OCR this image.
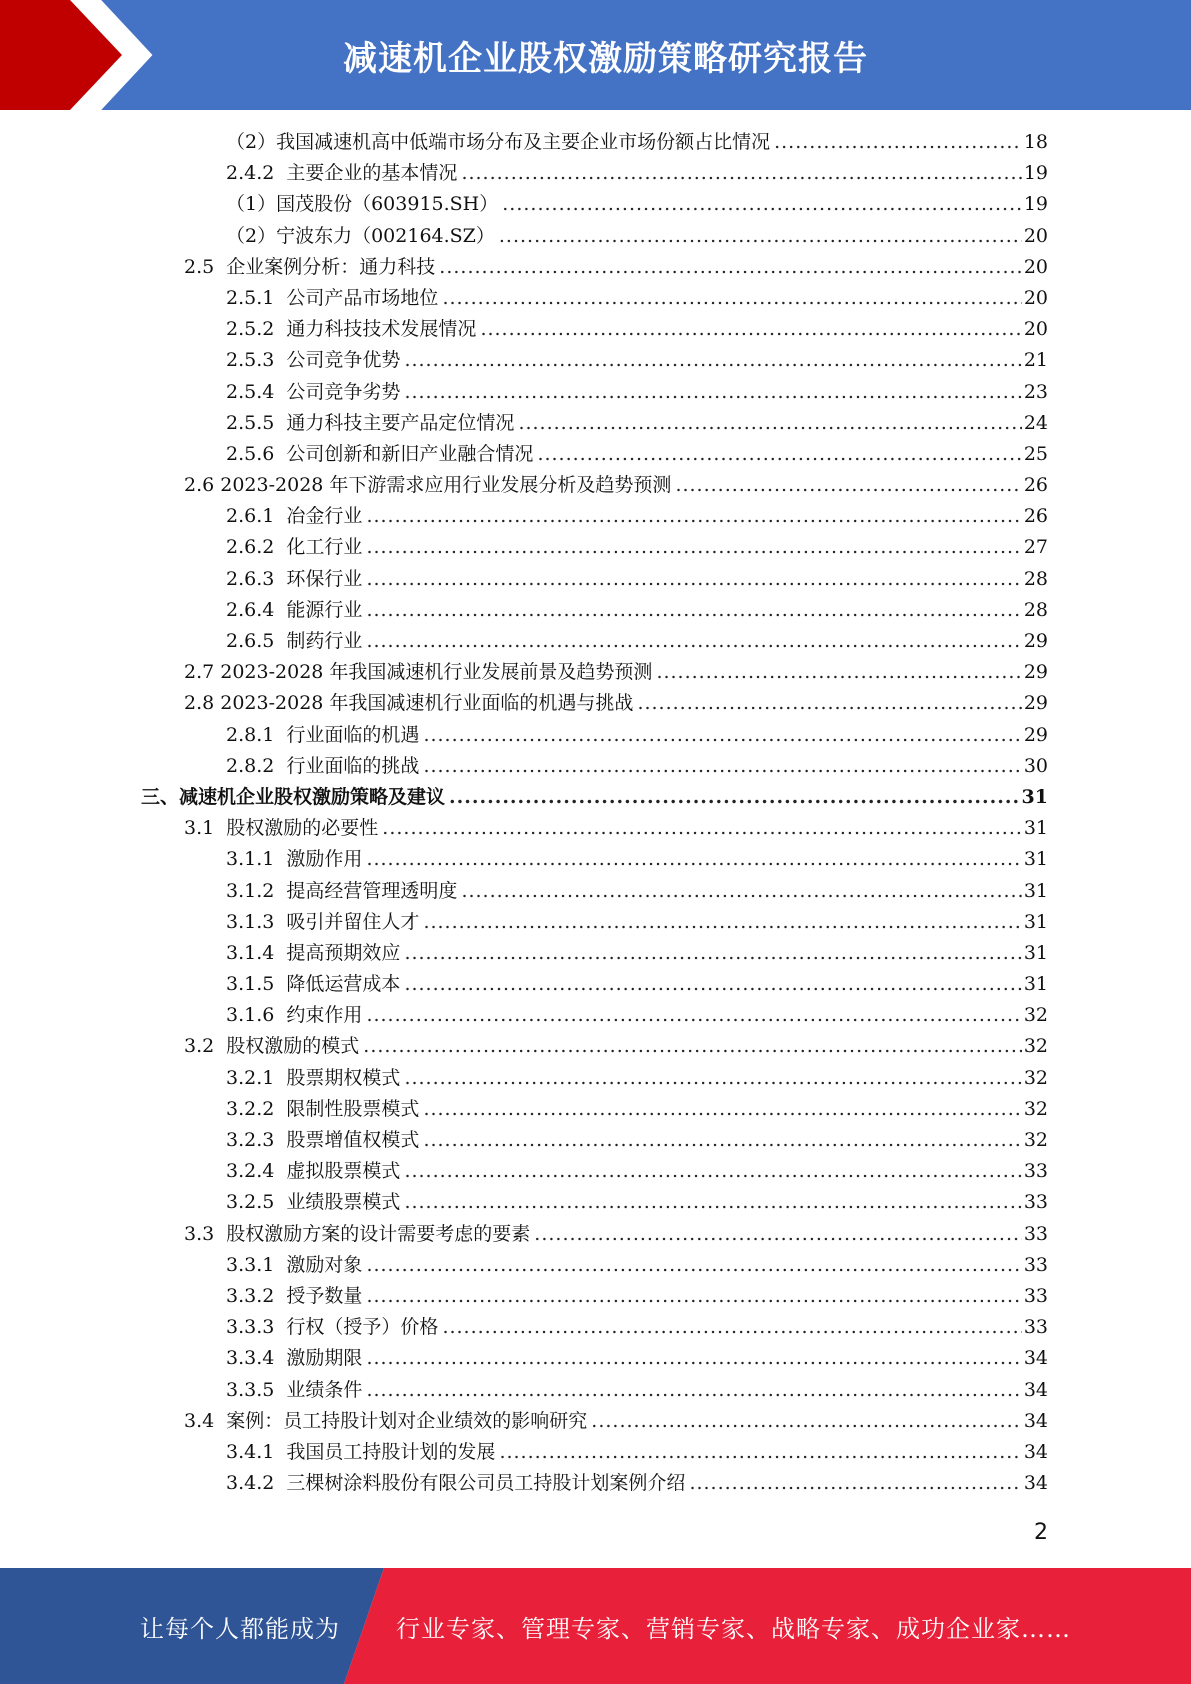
减速机企业股权激励策略研究报告
（2）我国减速机高中低端市场分布及主要企业市场份额占比情况 .....	18
2.4.2  主要企业的基本情况 .....	19
（1）国茂股份（603915.SH） .....	19
（2）宁波东力（002164.SZ） .....	20
2.5  企业案例分析：通力科技 .....	20
2.5.1  公司产品市场地位 .....	20
2.5.2  通力科技技术发展情况 .....	20
2.5.3  公司竞争优势 .....	21
2.5.4  公司竞争劣势 .....	23
2.5.5  通力科技主要产品定位情况 .....	24
2.5.6  公司创新和新旧产业融合情况 .....	25
2.6 2023-2028 年下游需求应用行业发展分析及趋势预测 .....	26
2.6.1  冶金行业 .....	26
2.6.2  化工行业 .....	27
2.6.3  环保行业 .....	28
2.6.4  能源行业 .....	28
2.6.5  制药行业 .....	29
2.7 2023-2028 年我国减速机行业发展前景及趋势预测 .....	29
2.8 2023-2028 年我国减速机行业面临的机遇与挑战 .....	29
2.8.1  行业面临的机遇 .....	29
2.8.2  行业面临的挑战 .....	30
三、减速机企业股权激励策略及建议 .....	31
3.1  股权激励的必要性 .....	31
3.1.1  激励作用 .....	31
3.1.2  提高经营管理透明度 .....	31
3.1.3  吸引并留住人才 .....	31
3.1.4  提高预期效应 .....	31
3.1.5  降低运营成本 .....	31
3.1.6  约束作用 .....	32
3.2  股权激励的模式 .....	32
3.2.1  股票期权模式 .....	32
3.2.2  限制性股票模式 .....	32
3.2.3  股票增值权模式 .....	32
3.2.4  虚拟股票模式 .....	33
3.2.5  业绩股票模式 .....	33
3.3  股权激励方案的设计需要考虑的要素 .....	33
3.3.1  激励对象 .....	33
3.3.2  授予数量 .....	33
3.3.3  行权（授予）价格 .....	33
3.3.4  激励期限 .....	34
3.3.5  业绩条件 .....	34
3.4  案例：员工持股计划对企业绩效的影响研究 .....	34
3.4.1  我国员工持股计划的发展 .....	34
3.4.2  三棵树涂料股份有限公司员工持股计划案例介绍 .....	34
2
让每个人都能成为 行业专家、管理专家、营销专家、战略专家、成功企业家……
